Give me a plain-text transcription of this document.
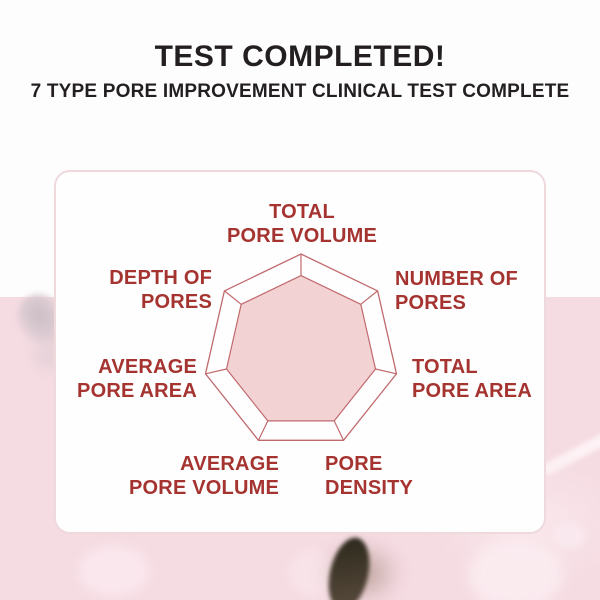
TEST COMPLETED!
7 TYPE PORE IMPROVEMENT CLINICAL TEST COMPLETE
TOTAL
PORE VOLUME
NUMBER OF
PORES
TOTAL
PORE AREA
PORE
DENSITY
AVERAGE
PORE VOLUME
AVERAGE
PORE AREA
DEPTH OF
PORES
